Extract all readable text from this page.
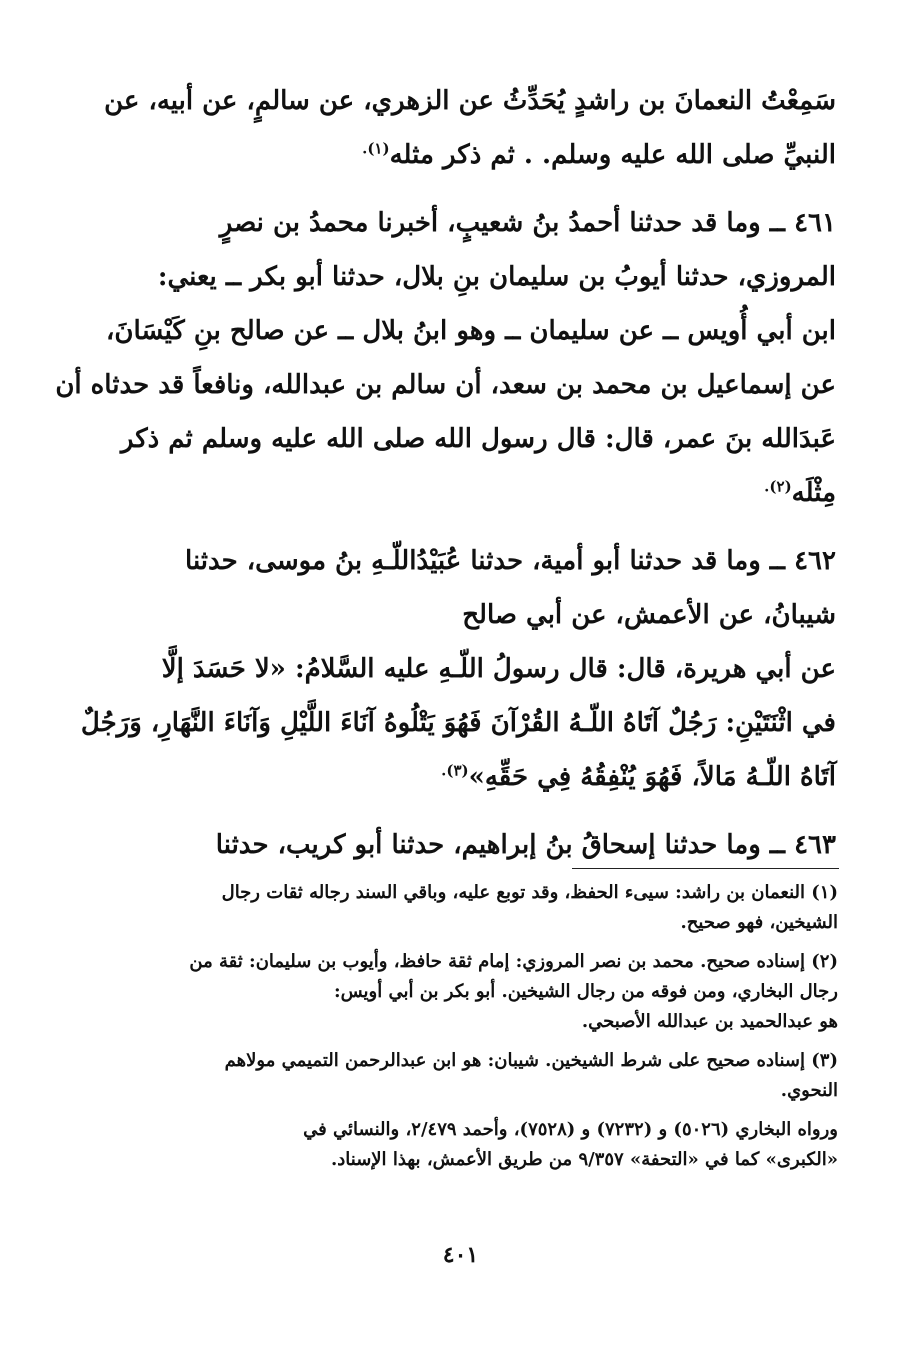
سَمِعْتُ النعمانَ بن راشدٍ يُحَدِّثُ عن الزهري، عن سالمٍ، عن أبيه، عن
النبيِّ صلى الله عليه وسلم. . ثم ذكر مثله$^{(١).}$

٤٦١ ــ وما قد حدثنا أحمدُ بنُ شعيبٍ، أخبرنا محمدُ بن نصرٍ
المروزي، حدثنا أيوبُ بن سليمان بنِ بلال، حدثنا أبو بكر ــ يعني:
ابن أبي أُويس ــ عن سليمان ــ وهو ابنُ بلال ــ عن صالح بنِ كَيْسَانَ،
عن إسماعيل بن محمد بن سعد، أن سالم بن عبدالله، ونافعاً قد حدثاه أن
عَبدَالله بنَ عمر، قال: قال رسول الله صلى الله عليه وسلم ثم ذكر
مِثْلَه$^{(٢).}$

٤٦٢ ــ وما قد حدثنا أبو أمية، حدثنا عُبَيْدُاللّـهِ بنُ موسى، حدثنا
شيبانُ، عن الأعمش، عن أبي صالح
عن أبي هريرة، قال: قال رسولُ اللّـهِ عليه السَّلامُ: «لا حَسَدَ إلَّا
في اثْنَتَيْنِ: رَجُلٌ آتَاهُ اللّـهُ القُرْآنَ فَهُوَ يَتْلُوهُ آنَاءَ اللَّيْلِ وَآنَاءَ النَّهَارِ، وَرَجُلٌ
آتَاهُ اللّـهُ مَالاً، فَهُوَ يُنْفِقُهُ فِي حَقِّهِ»$^{(٣).}$

٤٦٣ ــ وما حدثنا إسحاقُ بنُ إبراهيم، حدثنا أبو كريب، حدثنا

(١) النعمان بن راشد: سيىء الحفظ، وقد توبع عليه، وباقي السند رجاله ثقات رجال
الشيخين، فهو صحيح.

(٢) إسناده صحيح. محمد بن نصر المروزي: إمام ثقة حافظ، وأيوب بن سليمان: ثقة من
رجال البخاري، ومن فوقه من رجال الشيخين. أبو بكر بن أبي أويس:
هو عبدالحميد بن عبدالله الأصبحي.

(٣) إسناده صحيح على شرط الشيخين. شيبان: هو ابن عبدالرحمن التميمي مولاهم
النحوي.

ورواه البخاري (٥٠٢٦) و (٧٢٣٢) و (٧٥٢٨)، وأحمد ٢/٤٧٩، والنسائي في
«الكبرى» كما في «التحفة» ٩/٣٥٧ من طريق الأعمش، بهذا الإسناد.

٤٠١
